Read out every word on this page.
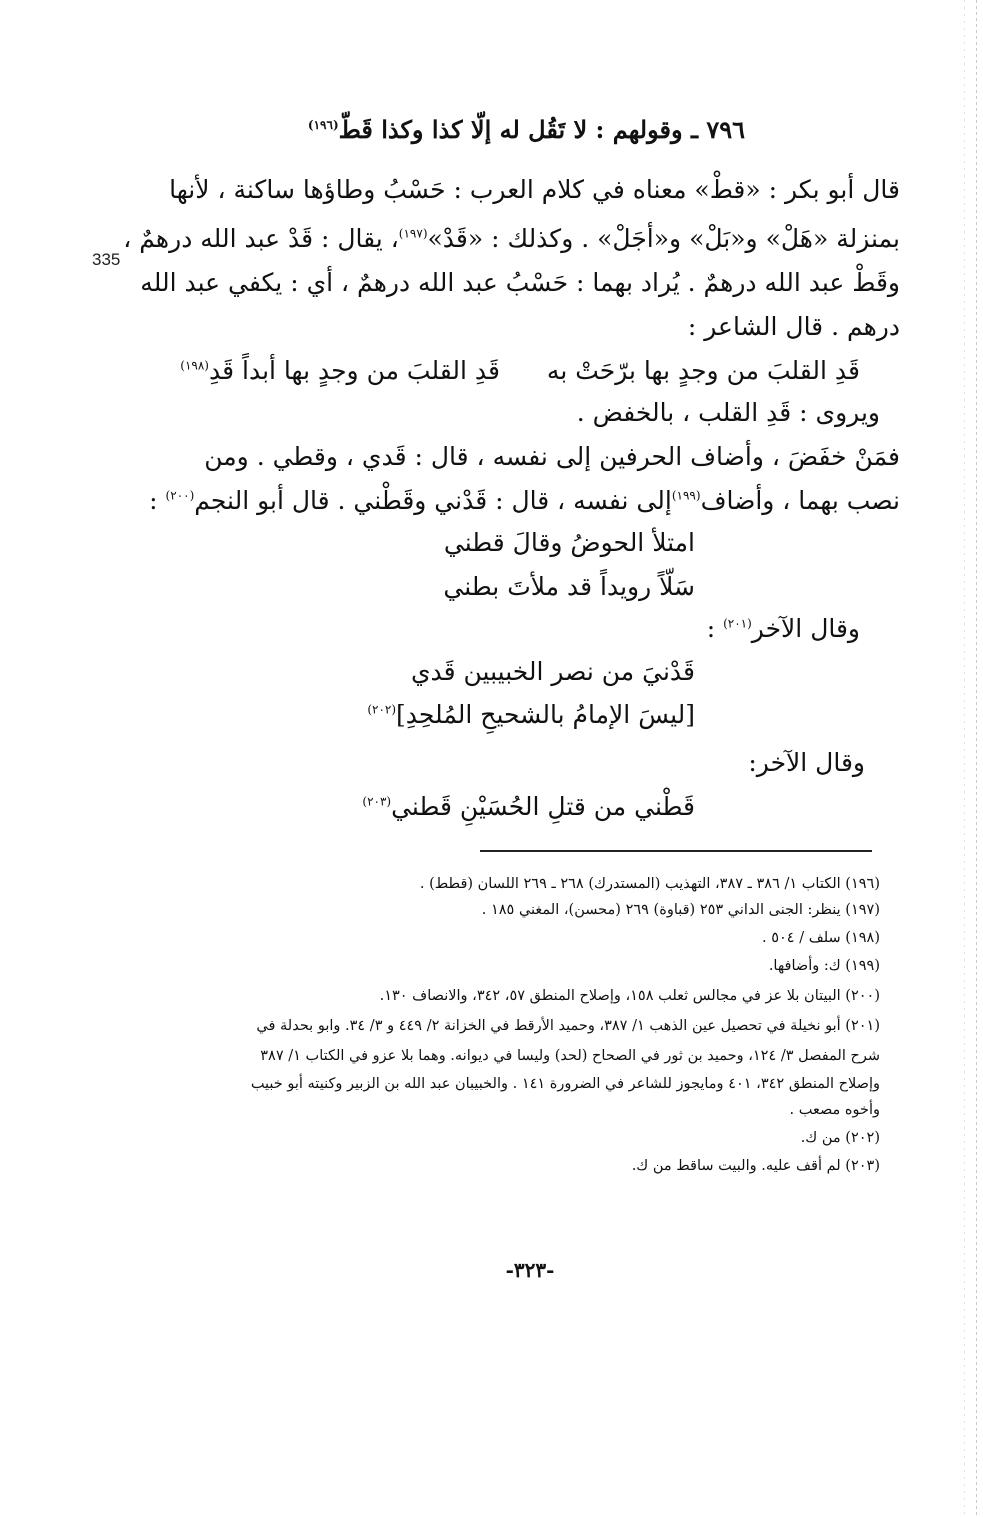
335
٧٩٦ ـ وقولهم : لا تَقُل له إلّا كذا وكذا قَطّ$^{(١٩٦)}$
قال أبو بكر : «قطْ» معناه في كلام العرب : حَسْبُ وطاؤها ساكنة ، لأنها
بمنزلة «هَلْ» و«بَلْ» و«أجَلْ» . وكذلك : «قَدْ»$^{(١٩٧)}$، يقال : قَدْ عبد الله درهمٌ ،
وقَطْ عبد الله درهمٌ . يُراد بهما : حَسْبُ عبد الله درهمٌ ، أي : يكفي عبد الله
درهم . قال الشاعر :
قَدِ القلبَ من وجدٍ بها برّحَتْ به
قَدِ القلبَ من وجدٍ بها أبداً قَدِ$^{(١٩٨)}$
ويروى : قَدِ القلب ، بالخفض .
فمَنْ خفَضَ ، وأضاف الحرفين إلى نفسه ، قال : قَدي ، وقطي . ومن
نصب بهما ، وأضاف$^{(١٩٩)}$إلى نفسه ، قال : قَدْني وقَطْني . قال أبو النجم$^{(٢٠٠)}$ :
امتلأ الحوضُ وقالَ قطني
سَلّاً رويداً قد ملأتَ بطني
وقال الآخر$^{(٢٠١)}$ :
قَدْنيَ من نصر الخبيبين قَدي
[ليسَ الإمامُ بالشحيحِ المُلحِدِ]$^{(٢٠٢)}$
وقال الآخر:
قَطْني من قتلِ الحُسَيْنِ قَطني$^{(٢٠٣)}$
(١٩٦) الكتاب ١/ ٣٨٦ ـ ٣٨٧، التهذيب (المستدرك) ٢٦٨ ـ ٢٦٩ اللسان (قطط) .
(١٩٧) ينظر: الجنى الداني ٢٥٣ (قباوة) ٢٦٩ (محسن)، المغني ١٨٥ .
(١٩٨) سلف / ٥٠٤ .
(١٩٩) ك: وأضافها.
(٢٠٠) البيتان بلا عز في مجالس ثعلب ١٥٨، وإصلاح المنطق ٥٧، ٣٤٢، والانصاف ١٣٠.
(٢٠١) أبو نخيلة في تحصيل عين الذهب ١/ ٣٨٧، وحميد الأرقط في الخزانة ٢/ ٤٤٩ و ٣/ ٣٤. وابو بحدلة في
شرح المفصل ٣/ ١٢٤، وحميد بن ثور في الصحاح (لحد) وليسا في ديوانه. وهما بلا عزو في الكتاب ١/ ٣٨٧
وإصلاح المنطق ٣٤٢، ٤٠١ ومايجوز للشاعر في الضرورة ١٤١ . والخبيبان عبد الله بن الزبير وكنيته أبو خبيب
وأخوه مصعب .
(٢٠٢) من ك.
(٢٠٣) لم أقف عليه. والبيت ساقط من ك.
-٣٢٣-
